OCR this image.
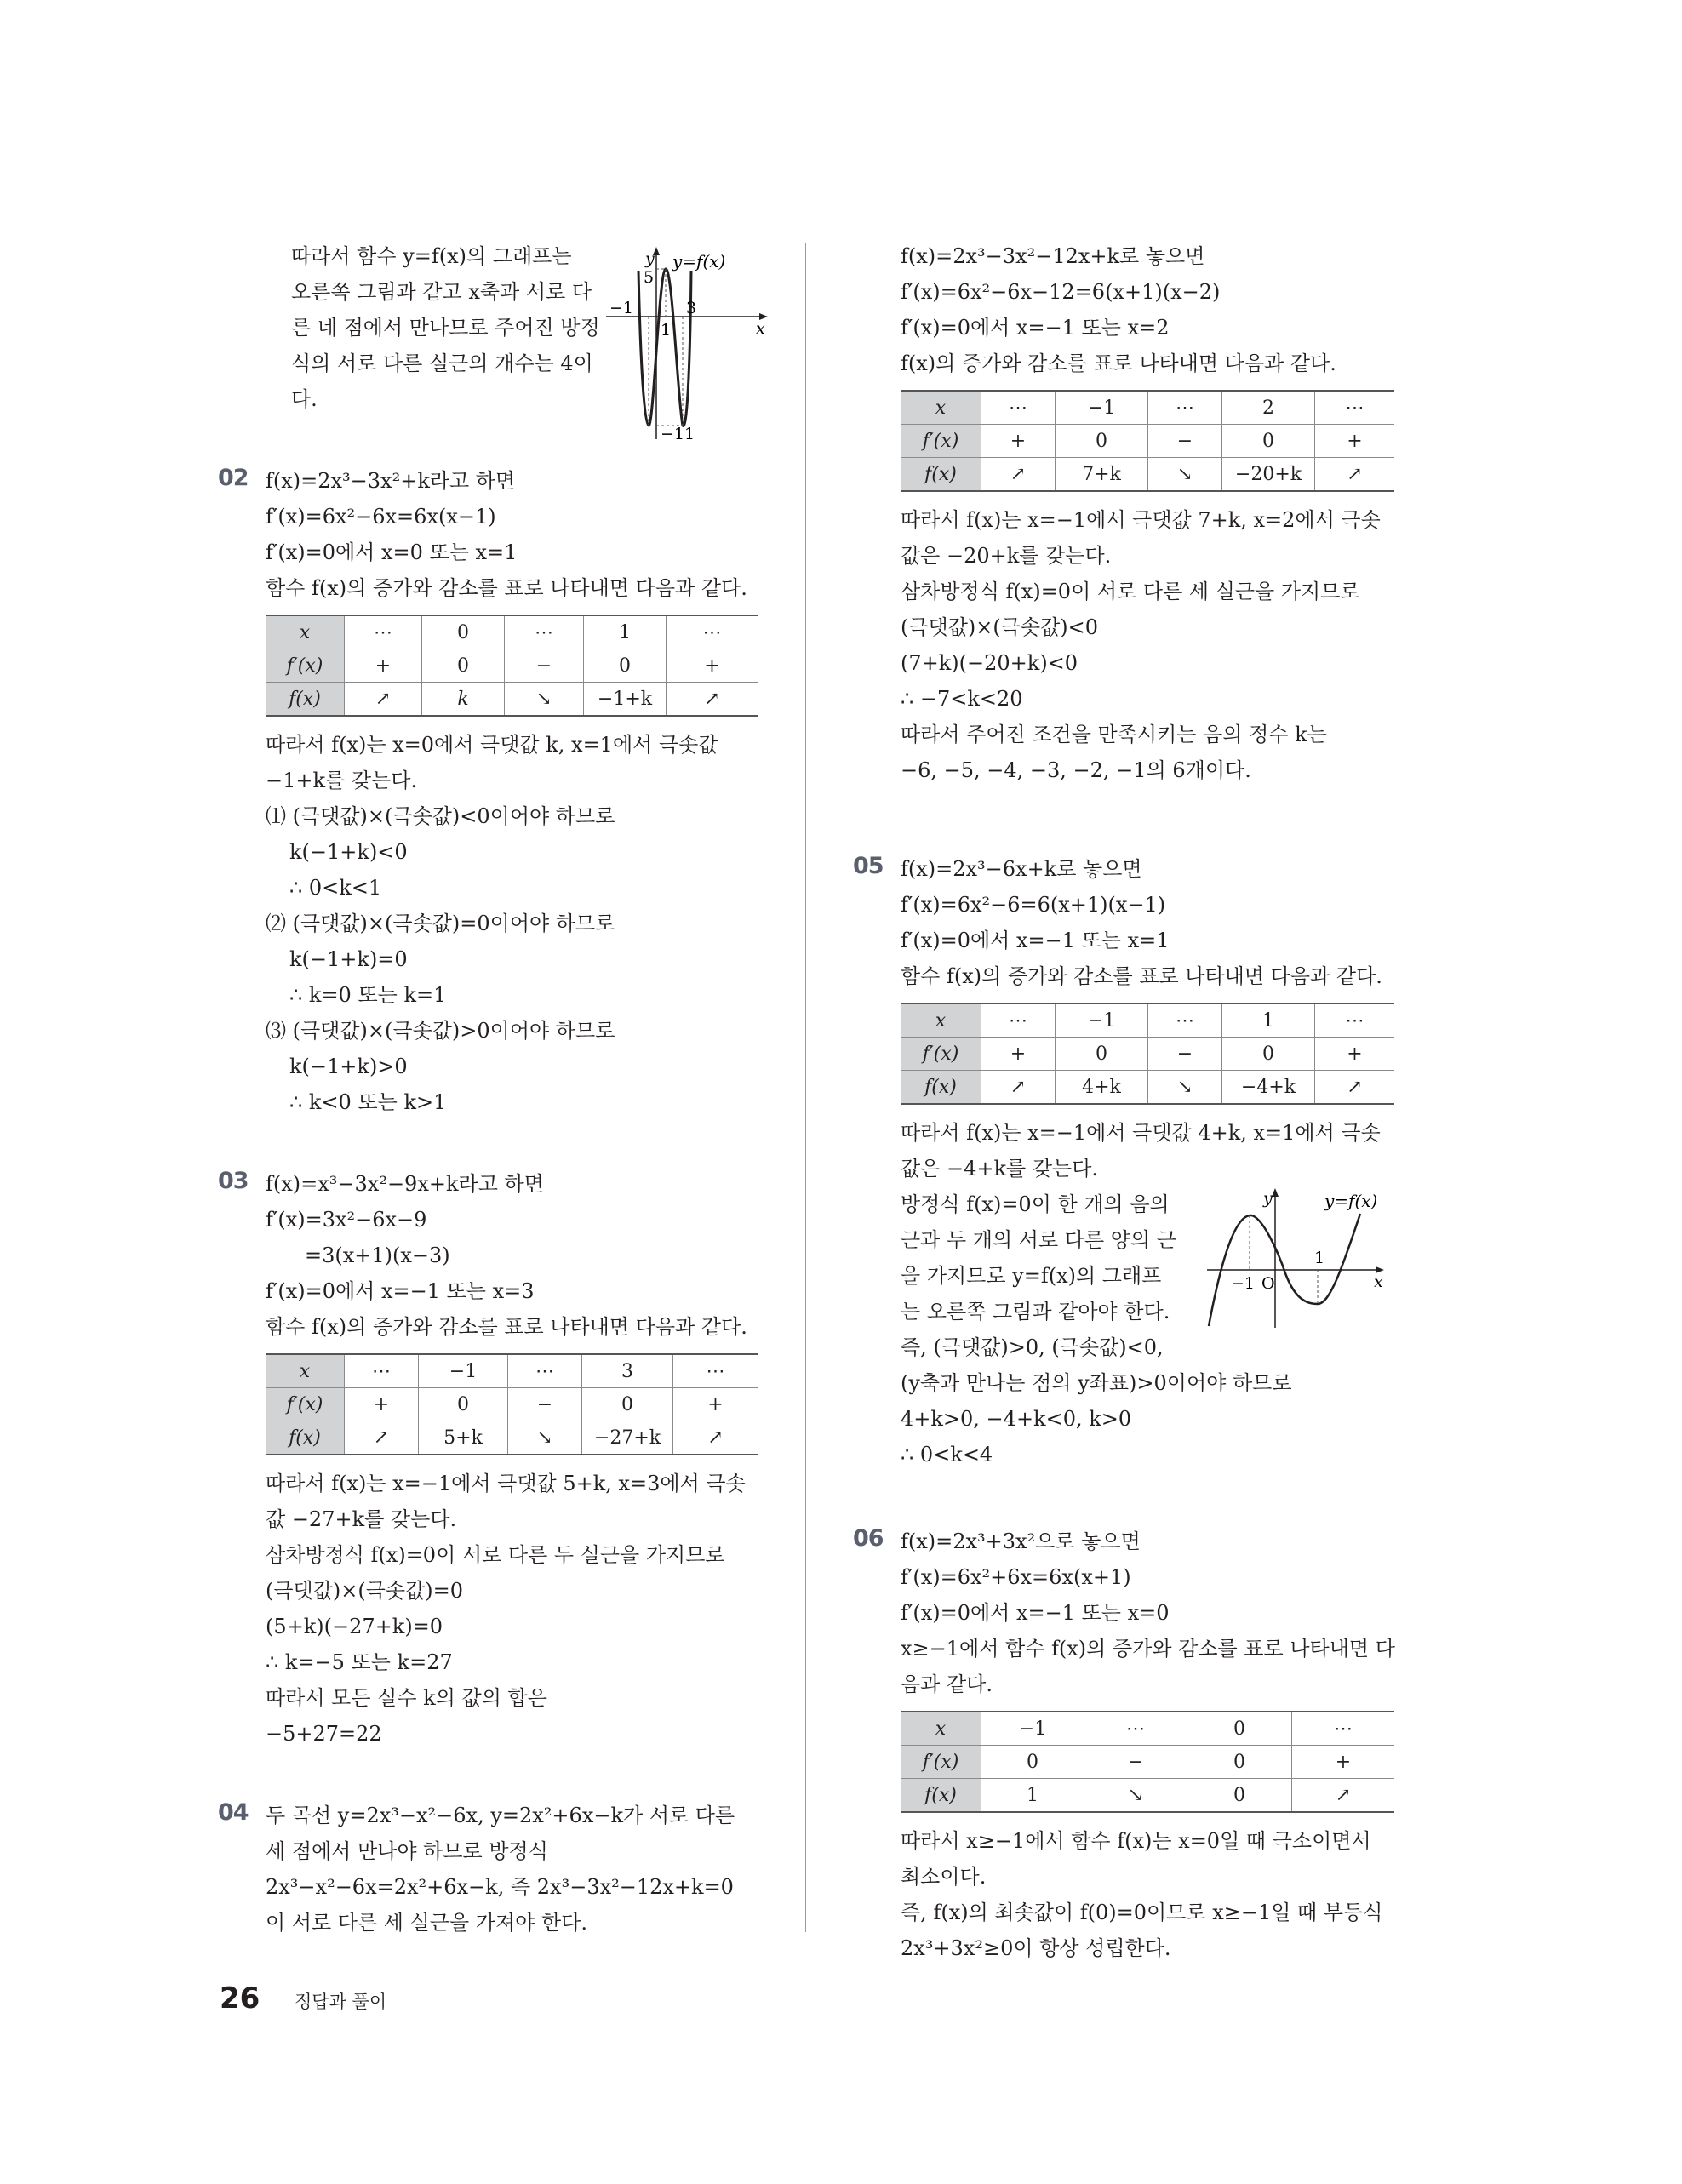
따라서 함수 y=f(x)의 그래프는
오른쪽 그림과 같고 x축과 서로 다
른 네 점에서 만나므로 주어진 방정
식의 서로 다른 실근의 개수는 4이
다.
y y=f(x)
5
−1	3
1	x
−11
02 f(x)=2x³−3x²+k라고 하면
f′(x)=6x²−6x=6x(x−1)
f′(x)=0에서 x=0 또는 x=1
함수 f(x)의 증가와 감소를 표로 나타내면 다음과 같다.
x	⋯	0	⋯	1	⋯
f′(x)	+	0	−	0	+
f(x)	↗	k	↘	−1+k	↗
따라서 f(x)는 x=0에서 극댓값 k, x=1에서 극솟값
−1+k를 갖는다.
⑴ (극댓값)×(극솟값)<0이어야 하므로
k(−1+k)<0
∴ 0<k<1
⑵ (극댓값)×(극솟값)=0이어야 하므로
k(−1+k)=0
∴ k=0 또는 k=1
⑶ (극댓값)×(극솟값)>0이어야 하므로
k(−1+k)>0
∴ k<0 또는 k>1
03 f(x)=x³−3x²−9x+k라고 하면
f′(x)=3x²−6x−9
=3(x+1)(x−3)
f′(x)=0에서 x=−1 또는 x=3
함수 f(x)의 증가와 감소를 표로 나타내면 다음과 같다.
x	⋯	−1	⋯	3	⋯
f′(x)	+	0	−	0	+
f(x)	↗	5+k	↘	−27+k	↗
따라서 f(x)는 x=−1에서 극댓값 5+k, x=3에서 극솟
값 −27+k를 갖는다.
삼차방정식 f(x)=0이 서로 다른 두 실근을 가지므로
(극댓값)×(극솟값)=0
(5+k)(−27+k)=0
∴ k=−5 또는 k=27
따라서 모든 실수 k의 값의 합은
−5+27=22
04 두 곡선 y=2x³−x²−6x, y=2x²+6x−k가 서로 다른
세 점에서 만나야 하므로 방정식
2x³−x²−6x=2x²+6x−k, 즉 2x³−3x²−12x+k=0
이 서로 다른 세 실근을 가져야 한다.
f(x)=2x³−3x²−12x+k로 놓으면
f′(x)=6x²−6x−12=6(x+1)(x−2)
f′(x)=0에서 x=−1 또는 x=2
f(x)의 증가와 감소를 표로 나타내면 다음과 같다.
x	⋯	−1	⋯	2	⋯
f′(x)	+	0	−	0	+
f(x)	↗	7+k	↘	−20+k	↗
따라서 f(x)는 x=−1에서 극댓값 7+k, x=2에서 극솟
값은 −20+k를 갖는다.
삼차방정식 f(x)=0이 서로 다른 세 실근을 가지므로
(극댓값)×(극솟값)<0
(7+k)(−20+k)<0
∴ −7<k<20
따라서 주어진 조건을 만족시키는 음의 정수 k는
−6, −5, −4, −3, −2, −1의 6개이다.
05 f(x)=2x³−6x+k로 놓으면
f′(x)=6x²−6=6(x+1)(x−1)
f′(x)=0에서 x=−1 또는 x=1
함수 f(x)의 증가와 감소를 표로 나타내면 다음과 같다.
x	⋯	−1	⋯	1	⋯
f′(x)	+	0	−	0	+
f(x)	↗	4+k	↘	−4+k	↗
따라서 f(x)는 x=−1에서 극댓값 4+k, x=1에서 극솟
값은 −4+k를 갖는다.
방정식 f(x)=0이 한 개의 음의
근과 두 개의 서로 다른 양의 근
을 가지므로 y=f(x)의 그래프
는 오른쪽 그림과 같아야 한다.
y	y=f(x)
−1 O
1
x
즉, (극댓값)>0, (극솟값)<0,
(y축과 만나는 점의 y좌표)>0이어야 하므로
4+k>0, −4+k<0, k>0
∴ 0<k<4
06 f(x)=2x³+3x²으로 놓으면
f′(x)=6x²+6x=6x(x+1)
f′(x)=0에서 x=−1 또는 x=0
x≥−1에서 함수 f(x)의 증가와 감소를 표로 나타내면 다
음과 같다.
x	−1	⋯	0	⋯
f′(x)	0	−	0	+
f(x)	1	↘	0	↗
따라서 x≥−1에서 함수 f(x)는 x=0일 때 극소이면서
최소이다.
즉, f(x)의 최솟값이 f(0)=0이므로 x≥−1일 때 부등식
2x³+3x²≥0이 항상 성립한다.
26 정답과 풀이
